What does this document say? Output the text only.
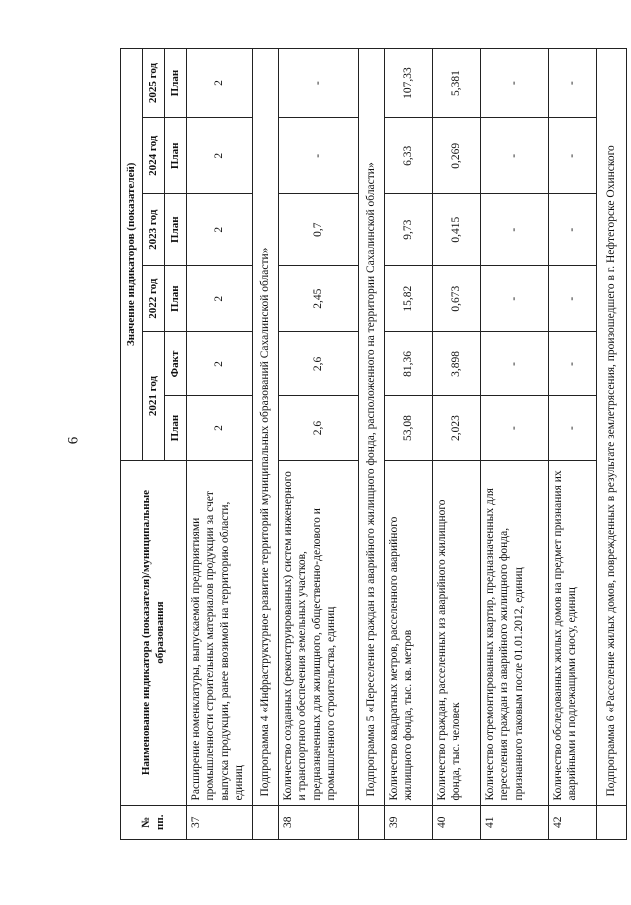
6
№ пп.	Наименование индикатора (показателя)/муниципальные образования	Значение индикаторов (показателей)					
		2021 год		2022 год	2023 год	2024 год	2025 год
		План	Факт	План	План	План	План
37	Расширение номенклатуры, выпускаемой предприятиями промышленности строительных материалов продукции за счет выпуска продукции, ранее ввозимой на территорию области, единиц	2	2	2	2	2	2
	Подпрограмма 4 «Инфраструктурное развитие территорий муниципальных образований Сахалинской области»						
38	Количество созданных (реконструированных) систем инженерного и транспортного обеспечения земельных участков, предназначенных для жилищного, общественно-делового и промышленного строительства, единиц	2,6	2,6	2,45	0,7	-	-
	Подпрограмма 5 «Переселение граждан из аварийного жилищного фонда, расположенного на территории Сахалинской области»						
39	Количество квадратных метров, расселенного аварийного жилищного фонда, тыс. кв. метров	53,08	81,36	15,82	9,73	6,33	107,33
40	Количество граждан, расселенных из аварийного жилищного фонда, тыс. человек	2,023	3,898	0,673	0,415	0,269	5,381
41	Количество отремонтированных квартир, предназначенных для переселения граждан из аварийного жилищного фонда, признанного таковым после 01.01.2012, единиц	-	-	-	-	-	-
42	Количество обследованных жилых домов на предмет признания их аварийными и подлежащими сносу, единиц	-	-	-	-	-	-
	Подпрограмма 6 «Расселение жилых домов, поврежденных в результате землетрясения, произошедшего в г. Нефтегорске Охинского						
